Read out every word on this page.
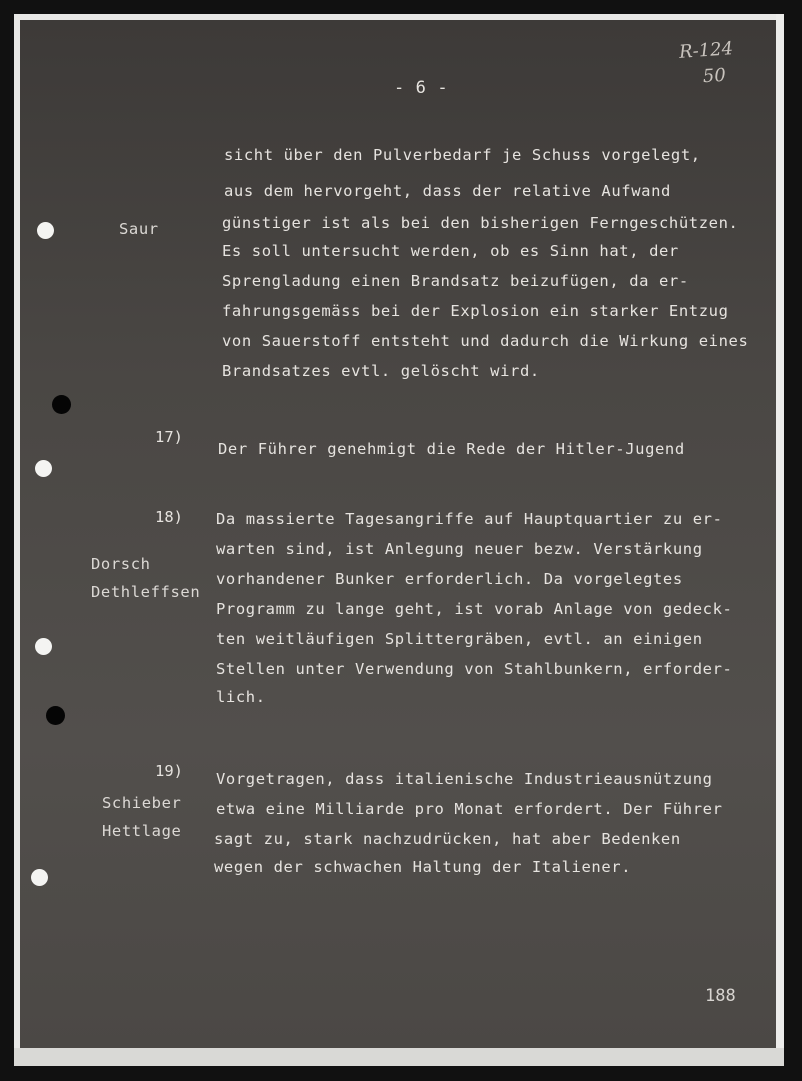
R-124
50
- 6 -
Saur
sicht über den Pulverbedarf je Schuss vorgelegt,
aus dem hervorgeht, dass der relative Aufwand
günstiger ist als bei den bisherigen Ferngeschützen.
Es soll untersucht werden, ob es Sinn hat, der
Sprengladung einen Brandsatz beizufügen, da er-
fahrungsgemäss bei der Explosion ein starker Entzug
von Sauerstoff entsteht und dadurch die Wirkung eines
Brandsatzes evtl. gelöscht wird.
17)
Der Führer genehmigt die Rede der Hitler-Jugend
18)
Dorsch
Dethleffsen
Da massierte Tagesangriffe auf Hauptquartier zu er-
warten sind, ist Anlegung neuer bezw. Verstärkung
vorhandener Bunker erforderlich. Da vorgelegtes
Programm zu lange geht, ist vorab Anlage von gedeck-
ten weitläufigen Splittergräben, evtl. an einigen
Stellen unter Verwendung von Stahlbunkern, erforder-
lich.
19)
Schieber
Hettlage
Vorgetragen, dass italienische Industrieausnützung
etwa eine Milliarde pro Monat erfordert. Der Führer
sagt zu, stark nachzudrücken, hat aber Bedenken
wegen der schwachen Haltung der Italiener.
188
